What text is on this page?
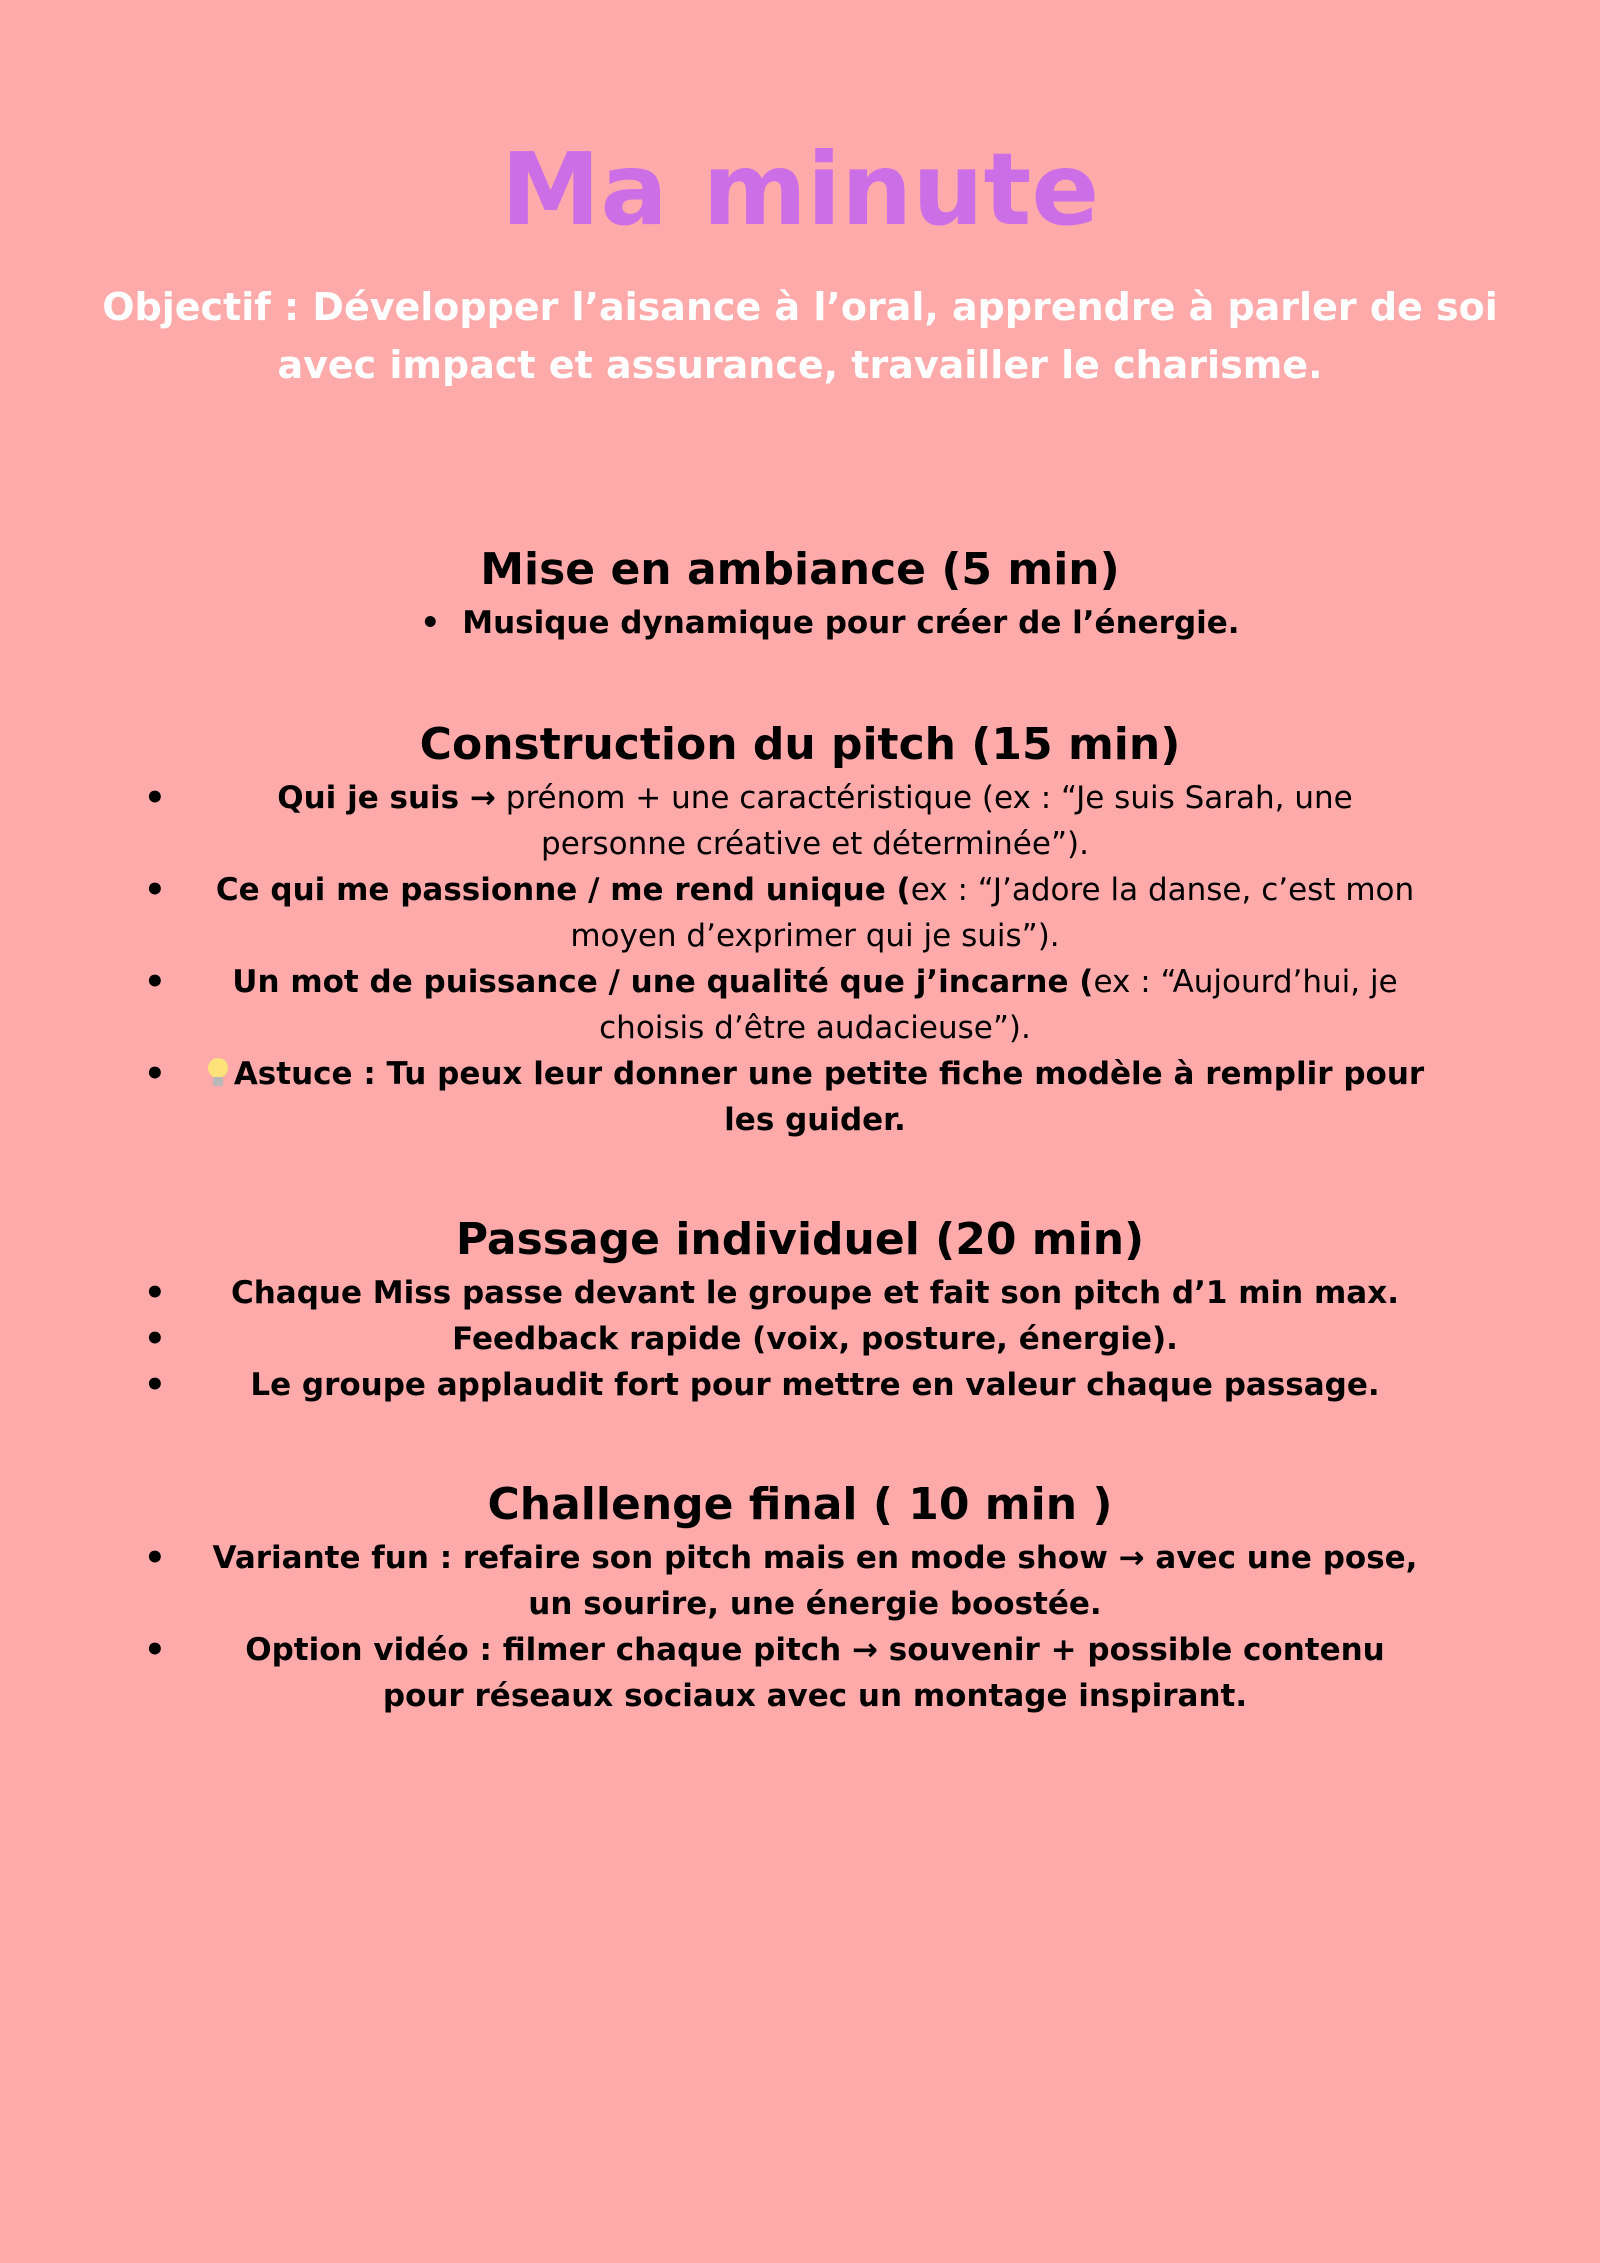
Ma minute

Objectif : Développer l’aisance à l’oral, apprendre à parler de soi avec impact et assurance, travailler le charisme.

Mise en ambiance (5 min)
• Musique dynamique pour créer de l’énergie.
Construction du pitch (15 min)
•	Qui je suis → prénom + une caractéristique (ex : “Je suis Sarah, une personne créative et déterminée”).
• Ce qui me passionne / me rend unique (ex : “J’adore la danse, c’est mon moyen d’exprimer qui je suis”).
• Un mot de puissance / une qualité que j’incarne (ex : “Aujourd’hui, je choisis d’être audacieuse”).
• Astuce : Tu peux leur donner une petite fiche modèle à remplir pour les guider.
Passage individuel (20 min)
• Chaque Miss passe devant le groupe et fait son pitch d’1 min max.
•	Feedback rapide (voix, posture, énergie).
•	Le groupe applaudit fort pour mettre en valeur chaque passage.
Challenge final ( 10 min )
• Variante fun : refaire son pitch mais en mode show → avec une pose, un sourire, une énergie boostée.
•	Option vidéo : filmer chaque pitch → souvenir + possible contenu pour réseaux sociaux avec un montage inspirant.
